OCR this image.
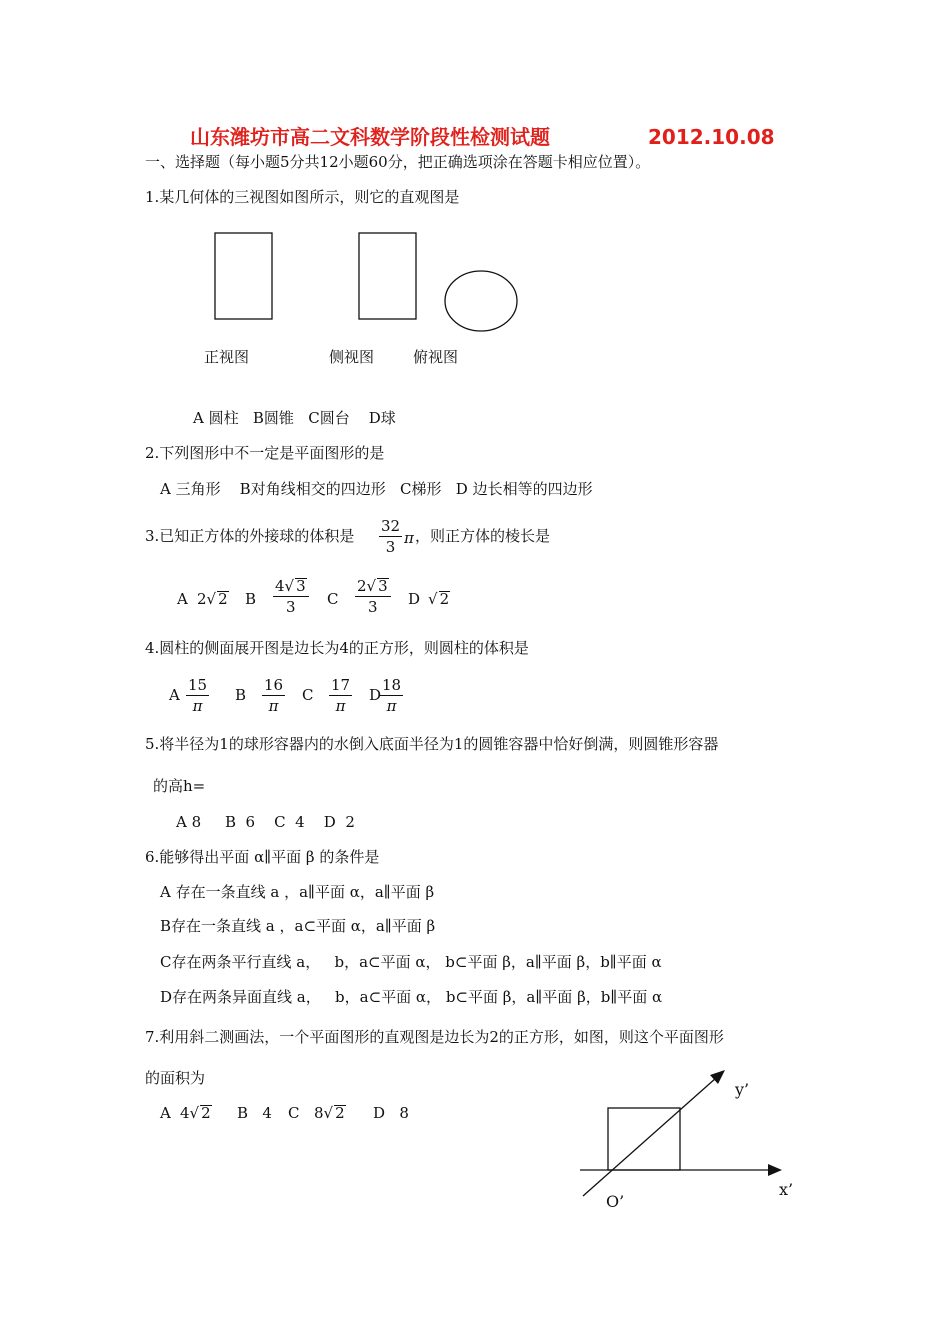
山东潍坊市高二文科数学阶段性检测试题	2012.10.08
一、选择题（每小题5分共12小题60分，把正确选项涂在答题卡相应位置）。
1.某几何体的三视图如图所示，则它的直观图是
正视图	侧视图	俯视图
A 圆柱   B圆锥   C圆台    D球
2.下列图形中不一定是平面图形的是
A 三角形    B对角线相交的四边形   C梯形   D 边长相等的四边形
3.已知正方体的外接球的体积是 $\frac{32}{3}$ π ，则正方体的棱长是
A 2√ 2 B $\frac{4√ 3}{3}$ C $\frac{2√ 3}{3}$ D √ 2
4.圆柱的侧面展开图是边长为4的正方形，则圆柱的体积是
A $\frac{15}{\pi}$ B $\frac{16}{\pi}$ C $\frac{17}{\pi}$ D
$\frac{18}{\pi}$
5.将半径为1的球形容器内的水倒入底面半径为1的圆锥容器中恰好倒满，则圆锥形容器
的高h=
A 8     B  6    C  4    D  2
6.能够得出平面 α∥平面 β 的条件是
A 存在一条直线 a ，a∥平面 α，a∥平面 β
B存在一条直线 a ，a⊂平面 α，a∥平面 β
C存在两条平行直线 a，   b，a⊂平面 α， b⊂平面 β，a∥平面 β，b∥平面 α
D存在两条异面直线 a，   b，a⊂平面 α， b⊂平面 β，a∥平面 β，b∥平面 α
7.利用斜二测画法，一个平面图形的直观图是边长为2的正方形，如图，则这个平面图形
的面积为
A 4√ 2 B   4 C 8√ 2 D   8
y’
x’
O’
